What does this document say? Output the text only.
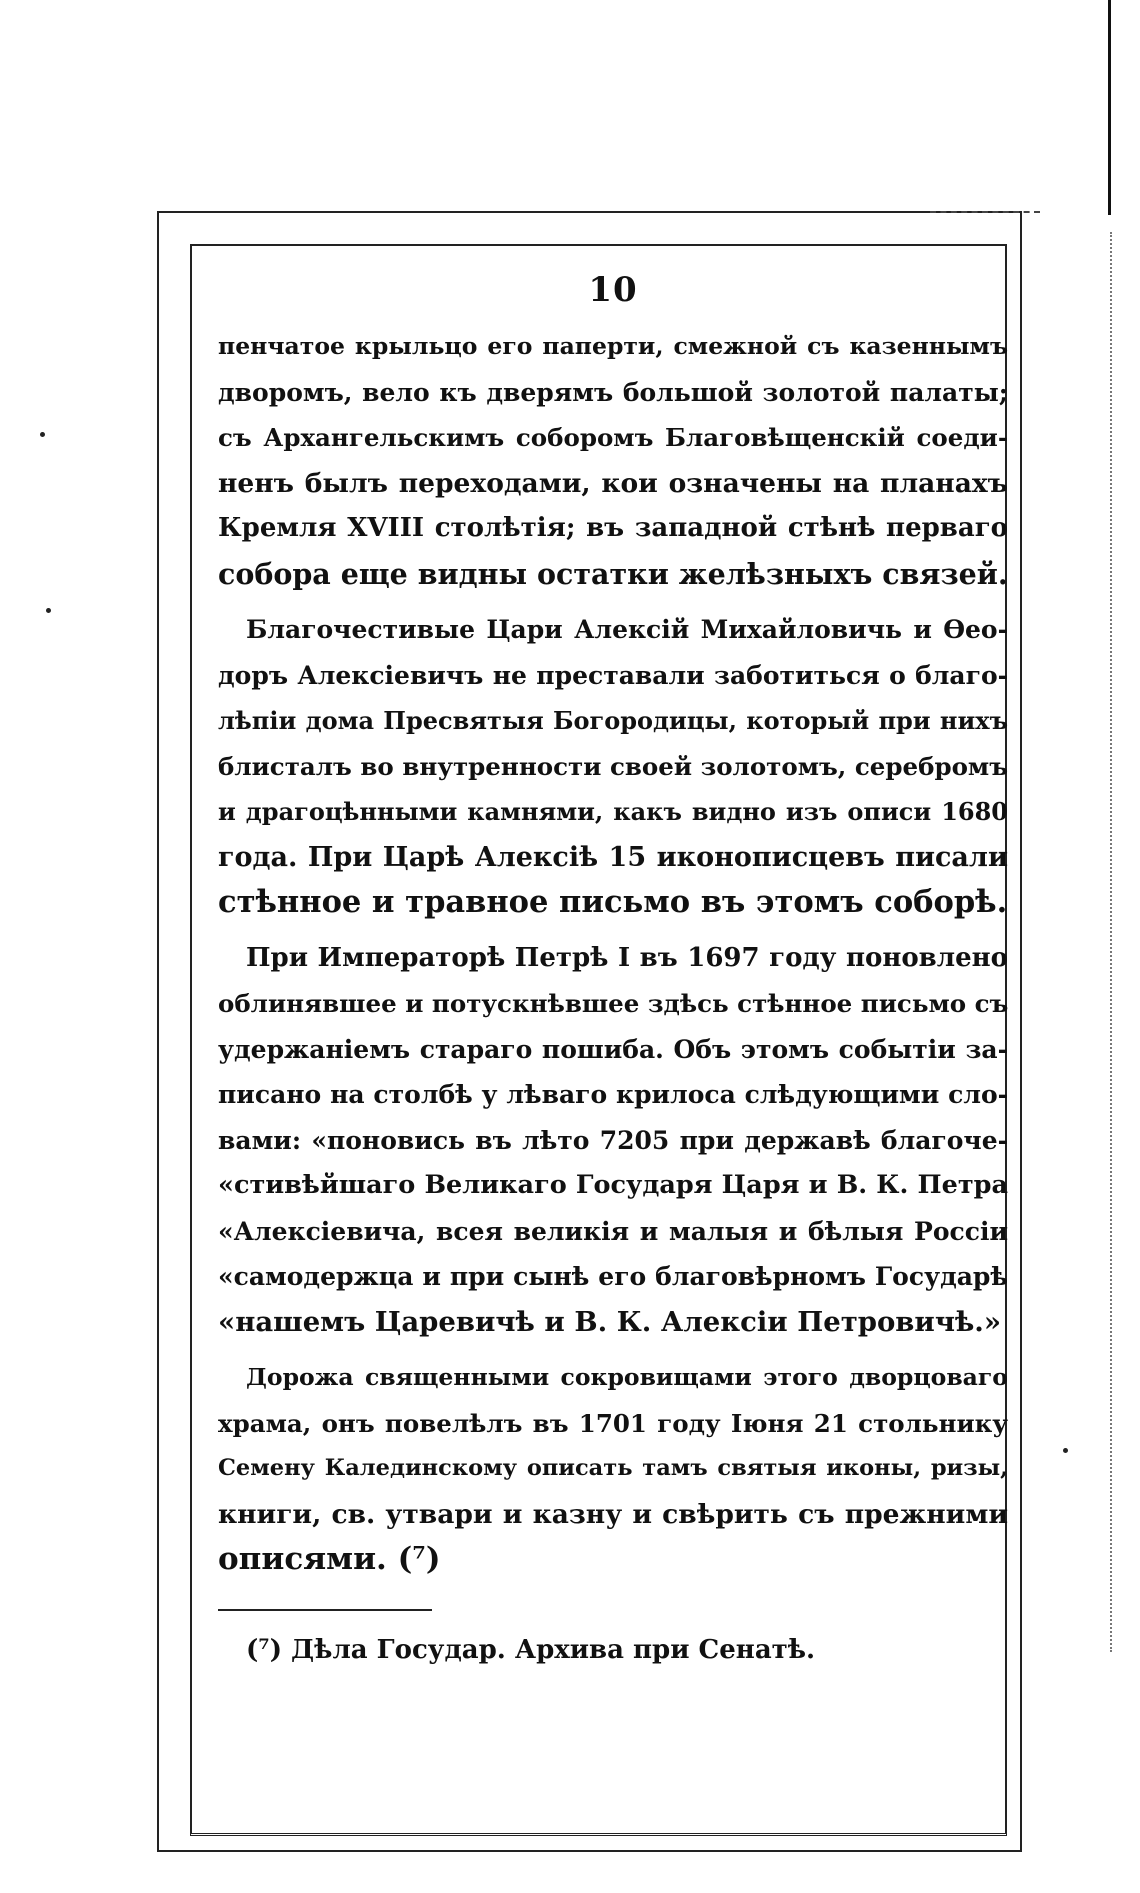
10
пенчатое крыльцо его паперти, смежной съ казеннымъ
дворомъ, вело къ дверямъ большой золотой палаты;
съ Архангельскимъ соборомъ Благовѣщенскій соеди-
ненъ былъ переходами, кои означены на планахъ
Кремля XVIII столѣтія; въ западной стѣнѣ перваго
собора еще видны остатки желѣзныхъ связей.
Благочестивые Цари Алексій Михайловичь и Ѳео-
доръ Алексіевичъ не преставали заботиться о благо-
лѣпіи дома Пресвятыя Богородицы, который при нихъ
блисталъ во внутренности своей золотомъ, серебромъ
и драгоцѣнными камнями, какъ видно изъ описи 1680
года. При Царѣ Алексіѣ 15 иконописцевъ писали
стѣнное и травное письмо въ этомъ соборѣ.
При Императорѣ Петрѣ I въ 1697 году поновлено
облинявшее и потускнѣвшее здѣсь стѣнное письмо съ
удержаніемъ стараго пошиба. Объ этомъ событіи за-
писано на столбѣ у лѣваго крилоса слѣдующими сло-
вами: «поновись въ лѣто 7205 при державѣ благоче-
«стивѣйшаго Великаго Государя Царя и В. К. Петра
«Алексіевича, всея великія и малыя и бѣлыя Россіи
«самодержца и при сынѣ его благовѣрномъ Государѣ
«нашемъ Царевичѣ и В. К. Алексіи Петровичѣ.»
Дорожа священными сокровищами этого дворцоваго
храма, онъ повелѣлъ въ 1701 году Іюня 21 стольнику
Семену Калединскому описать тамъ святыя иконы, ризы,
книги, св. утвари и казну и свѣрить съ прежними
описями. (⁷)
(⁷) Дѣла Государ. Архива при Сенатѣ.
